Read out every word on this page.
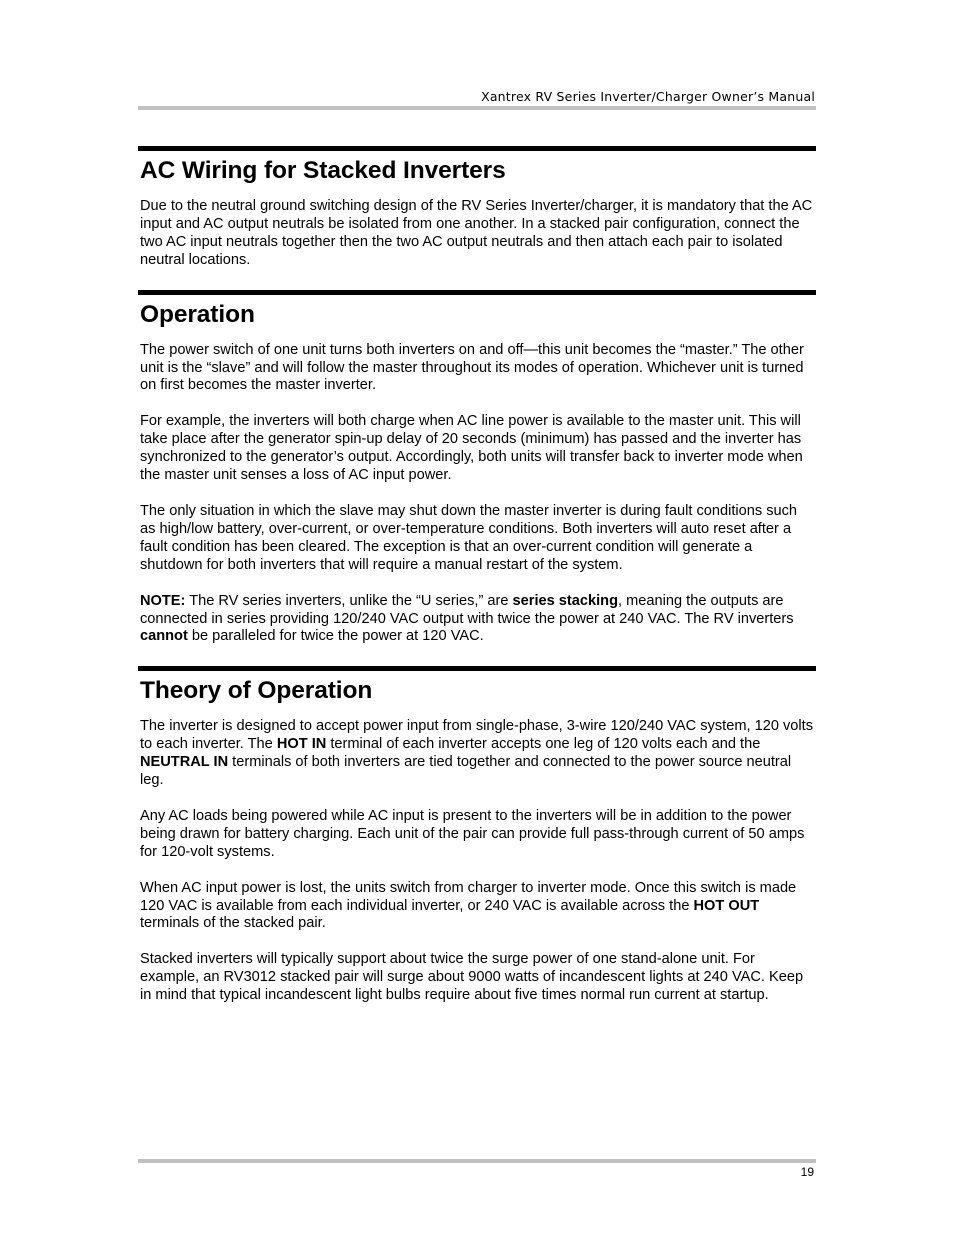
Xantrex RV Series Inverter/Charger Owner’s Manual
AC Wiring for Stacked Inverters

Due to the neutral ground switching design of the RV Series Inverter/charger, it is mandatory that the AC input and AC output neutrals be isolated from one another. In a stacked pair configuration, connect the two AC input neutrals together then the two AC output neutrals and then attach each pair to isolated neutral locations.

Operation

The power switch of one unit turns both inverters on and off—this unit becomes the “master.” The other unit is the “slave” and will follow the master throughout its modes of operation. Whichever unit is turned on first becomes the master inverter.

For example, the inverters will both charge when AC line power is available to the master unit. This will take place after the generator spin-up delay of 20 seconds (minimum) has passed and the inverter has synchronized to the generator’s output. Accordingly, both units will transfer back to inverter mode when the master unit senses a loss of AC input power.

The only situation in which the slave may shut down the master inverter is during fault conditions such as high/low battery, over-current, or over-temperature conditions. Both inverters will auto reset after a fault condition has been cleared. The exception is that an over-current condition will generate a shutdown for both inverters that will require a manual restart of the system.

NOTE: The RV series inverters, unlike the “U series,” are series stacking, meaning the outputs are connected in series providing 120/240 VAC output with twice the power at 240 VAC. The RV inverters cannot be paralleled for twice the power at 120 VAC.

Theory of Operation

The inverter is designed to accept power input from single-phase, 3-wire 120/240 VAC system, 120 volts to each inverter. The HOT IN terminal of each inverter accepts one leg of 120 volts each and the NEUTRAL IN terminals of both inverters are tied together and connected to the power source neutral leg.

Any AC loads being powered while AC input is present to the inverters will be in addition to the power being drawn for battery charging. Each unit of the pair can provide full pass-through current of 50 amps for 120-volt systems.

When AC input power is lost, the units switch from charger to inverter mode. Once this switch is made 120 VAC is available from each individual inverter, or 240 VAC is available across the HOT OUT terminals of the stacked pair.

Stacked inverters will typically support about twice the surge power of one stand-alone unit. For example, an RV3012 stacked pair will surge about 9000 watts of incandescent lights at 240 VAC. Keep in mind that typical incandescent light bulbs require about five times normal run current at startup.

19
